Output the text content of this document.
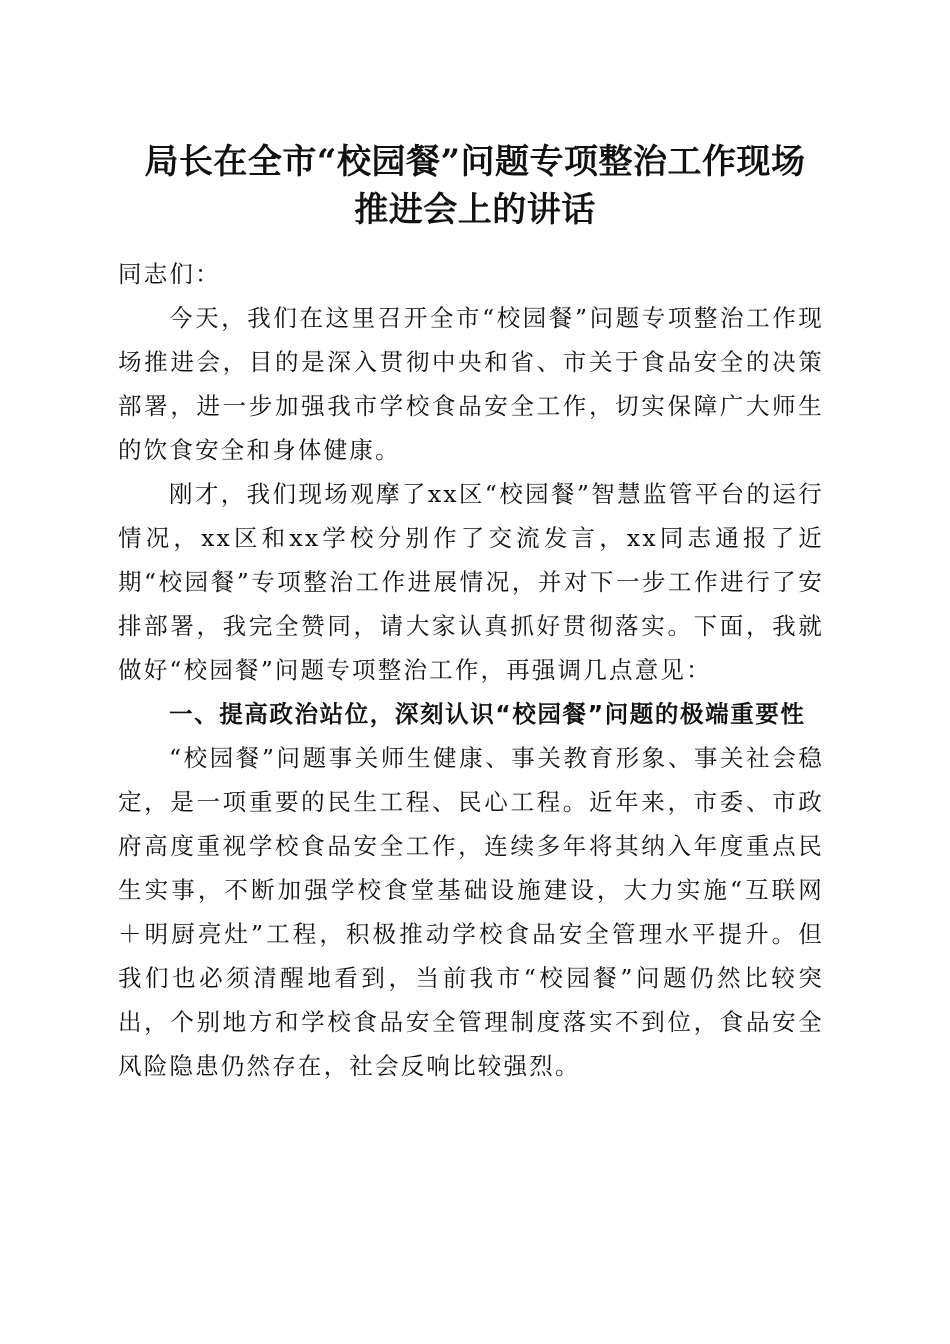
局长在全市“校园餐”问题专项整治工作现场
推进会上的讲话

同志们：

今天，我们在这里召开全市“校园餐”问题专项整治工作现场推进会，目的是深入贯彻中央和省、市关于食品安全的决策部署，进一步加强我市学校食品安全工作，切实保障广大师生的饮食安全和身体健康。

刚才，我们现场观摩了xx区“校园餐”智慧监管平台的运行情况，xx区和xx学校分别作了交流发言，xx同志通报了近期“校园餐”专项整治工作进展情况，并对下一步工作进行了安排部署，我完全赞同，请大家认真抓好贯彻落实。下面，我就做好“校园餐”问题专项整治工作，再强调几点意见：

一、提高政治站位，深刻认识“校园餐”问题的极端重要性

“校园餐”问题事关师生健康、事关教育形象、事关社会稳定，是一项重要的民生工程、民心工程。近年来，市委、市政府高度重视学校食品安全工作，连续多年将其纳入年度重点民生实事，不断加强学校食堂基础设施建设，大力实施“互联网＋明厨亮灶”工程，积极推动学校食品安全管理水平提升。但我们也必须清醒地看到，当前我市“校园餐”问题仍然比较突出，个别地方和学校食品安全管理制度落实不到位，食品安全风险隐患仍然存在，社会反响比较强烈。
